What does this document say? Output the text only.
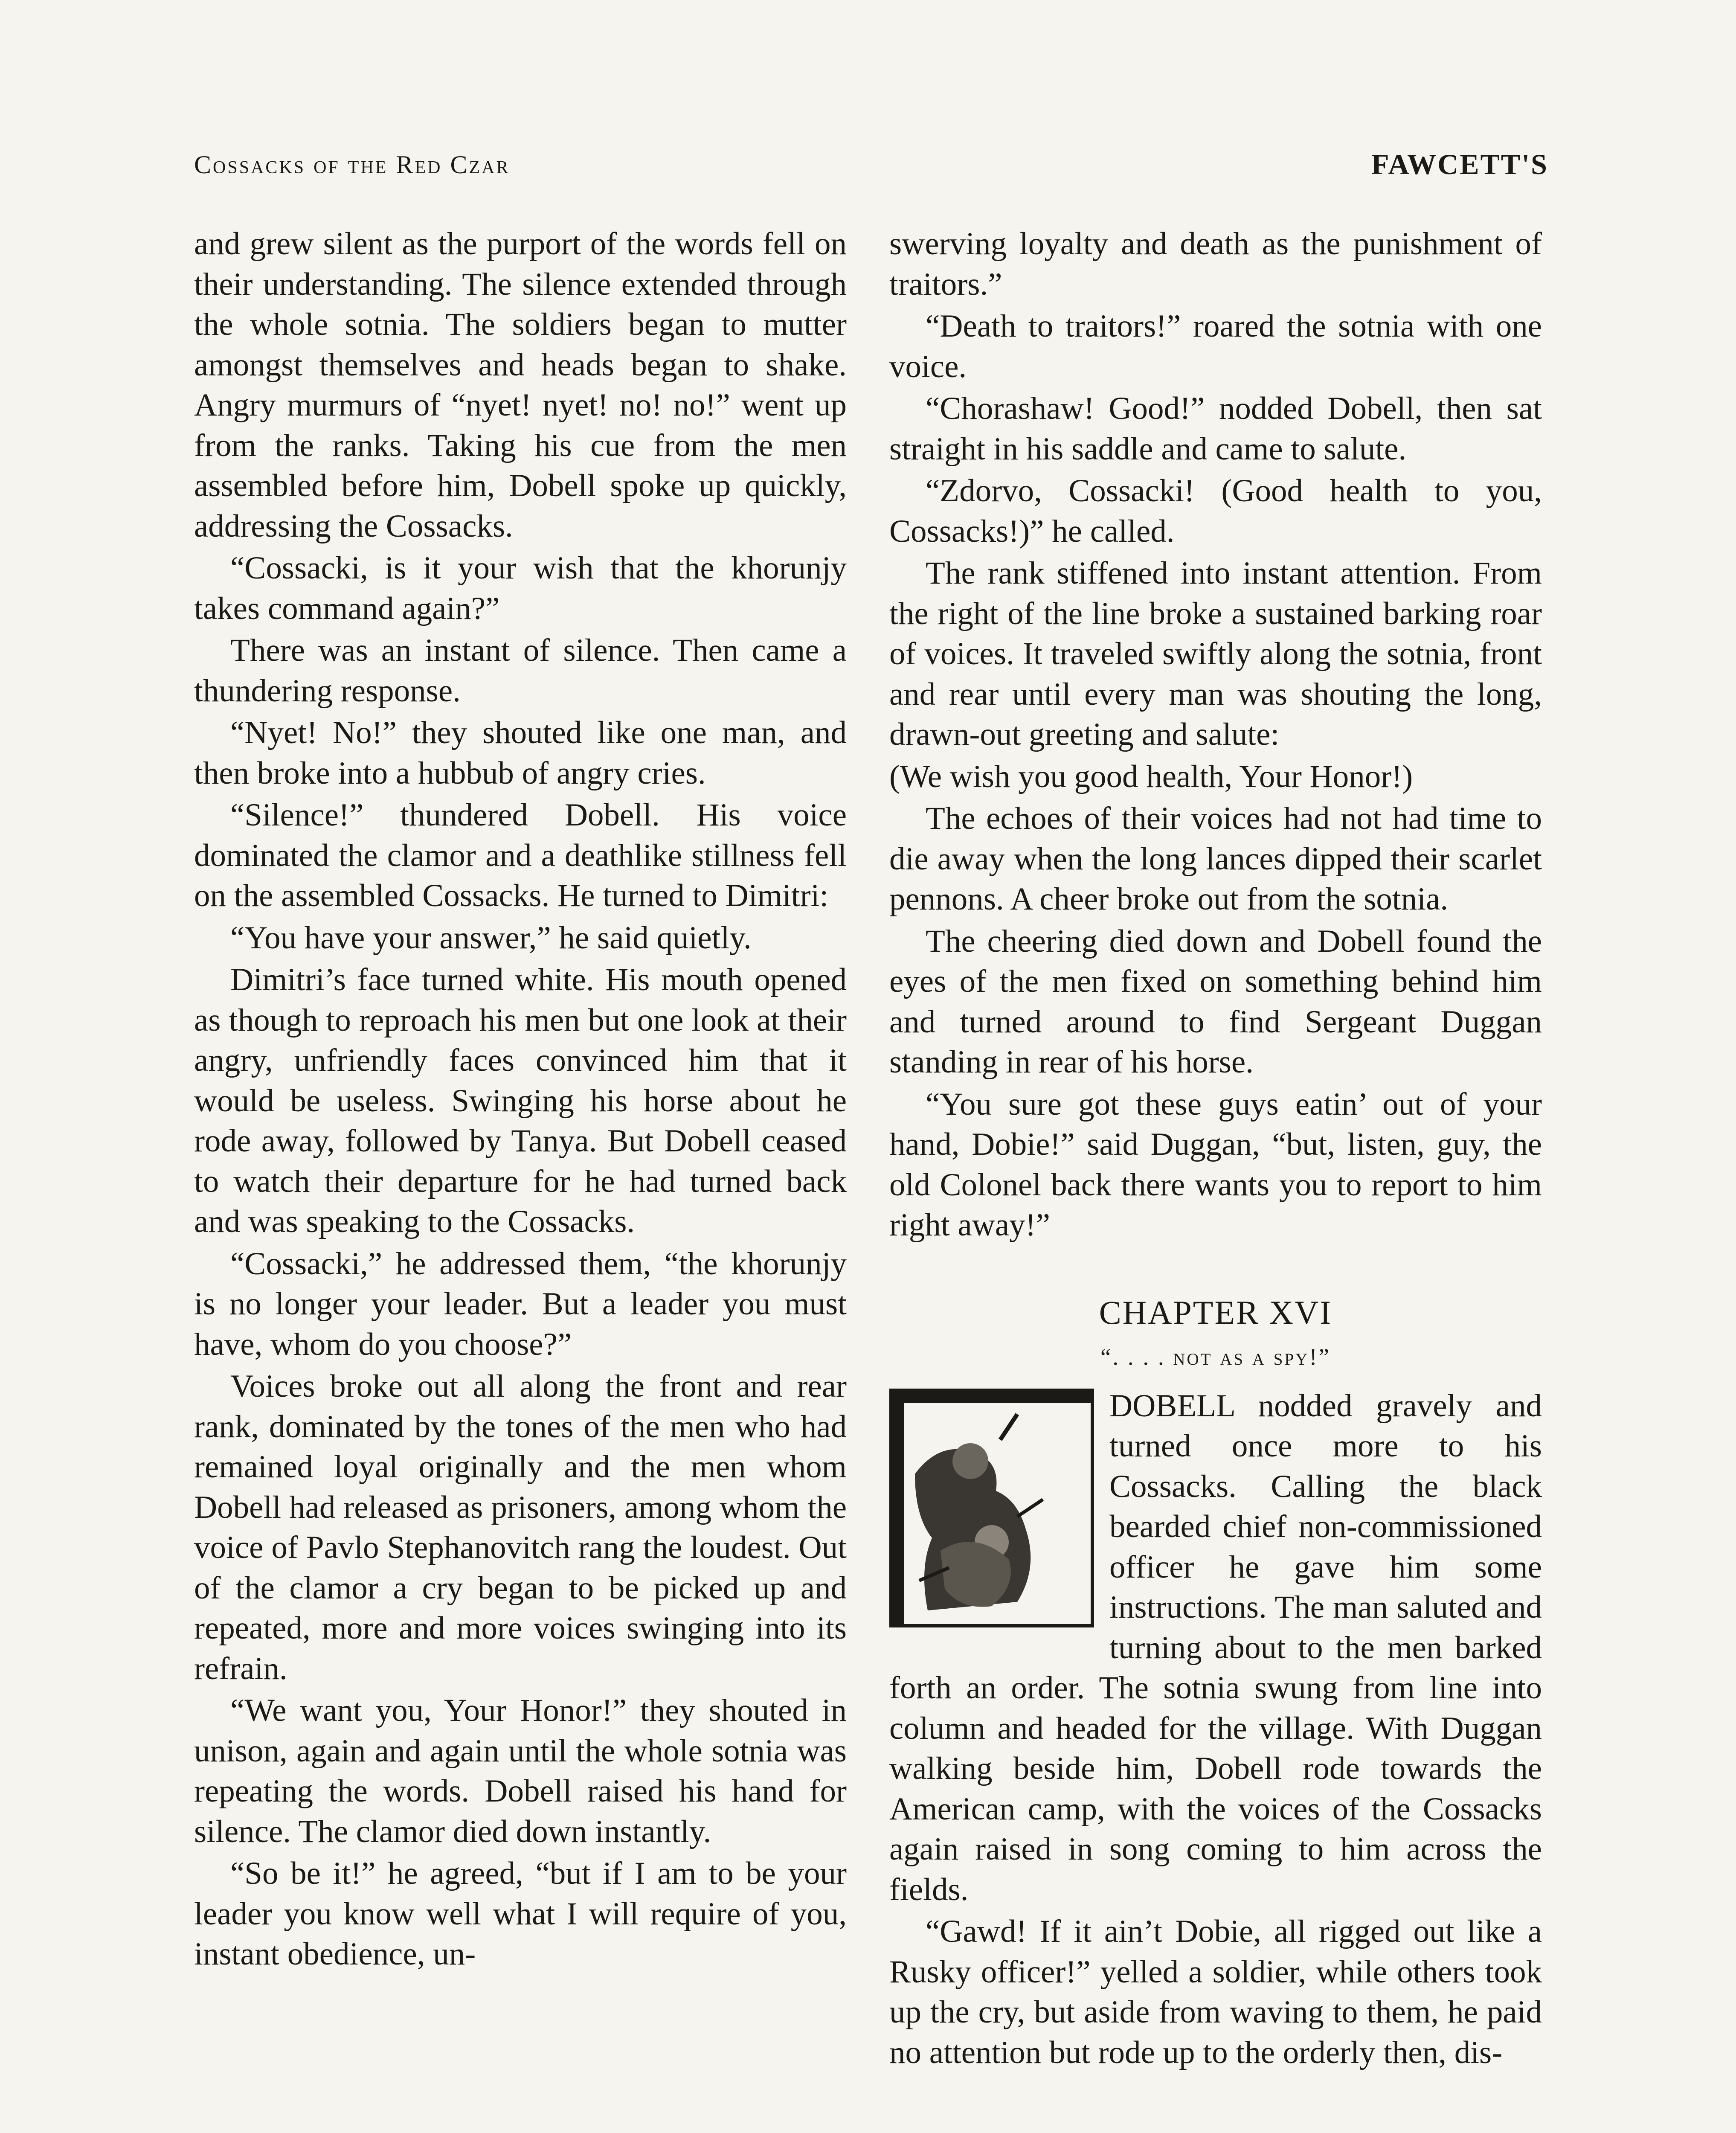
Cossacks of the Red Czar	FAWCETT'S

and grew silent as the purport of the words fell on their understanding. The silence extended through the whole sotnia. The soldiers began to mutter amongst themselves and heads began to shake. Angry murmurs of “nyet! nyet! no! no!” went up from the ranks. Taking his cue from the men assembled before him, Dobell spoke up quickly, addressing the Cossacks.

“Cossacki, is it your wish that the khorunjy takes command again?”

There was an instant of silence. Then came a thundering response.

“Nyet! No!” they shouted like one man, and then broke into a hubbub of angry cries.

“Silence!” thundered Dobell. His voice dominated the clamor and a deathlike stillness fell on the assembled Cossacks. He turned to Dimitri:

“You have your answer,” he said quietly.

Dimitri’s face turned white. His mouth opened as though to reproach his men but one look at their angry, unfriendly faces convinced him that it would be useless. Swinging his horse about he rode away, followed by Tanya. But Dobell ceased to watch their departure for he had turned back and was speaking to the Cossacks.

“Cossacki,” he addressed them, “the khorunjy is no longer your leader. But a leader you must have, whom do you choose?”

Voices broke out all along the front and rear rank, dominated by the tones of the men who had remained loyal originally and the men whom Dobell had released as prisoners, among whom the voice of Pavlo Stephanovitch rang the loudest. Out of the clamor a cry began to be picked up and repeated, more and more voices swinging into its refrain.

“We want you, Your Honor!” they shouted in unison, again and again until the whole sotnia was repeating the words. Dobell raised his hand for silence. The clamor died down instantly.

“So be it!” he agreed, “but if I am to be your leader you know well what I will require of you, instant obedience, un-

swerving loyalty and death as the punishment of traitors.”

“Death to traitors!” roared the sotnia with one voice.

“Chorashaw! Good!” nodded Dobell, then sat straight in his saddle and came to salute.

“Zdorvo, Cossacki! (Good health to you, Cossacks!)” he called.

The rank stiffened into instant attention. From the right of the line broke a sustained barking roar of voices. It traveled swiftly along the sotnia, front and rear until every man was shouting the long, drawn-out greeting and salute:

(We wish you good health, Your Honor!)

The echoes of their voices had not had time to die away when the long lances dipped their scarlet pennons. A cheer broke out from the sotnia.

The cheering died down and Dobell found the eyes of the men fixed on something behind him and turned around to find Sergeant Duggan standing in rear of his horse.

“You sure got these guys eatin’ out of your hand, Dobie!” said Duggan, “but, listen, guy, the old Colonel back there wants you to report to him right away!”

CHAPTER XVI

“. . . . not as a spy!”

DOBELL nodded gravely and turned once more to his Cossacks. Calling the black bearded chief non-commissioned officer he gave him some instructions. The man saluted and turning about to the men barked forth an order. The sotnia swung from line into column and headed for the village. With Duggan walking beside him, Dobell rode towards the American camp, with the voices of the Cossacks again raised in song coming to him across the fields.

“Gawd! If it ain’t Dobie, all rigged out like a Rusky officer!” yelled a soldier, while others took up the cry, but aside from waving to them, he paid no attention but rode up to the orderly then, dis-
